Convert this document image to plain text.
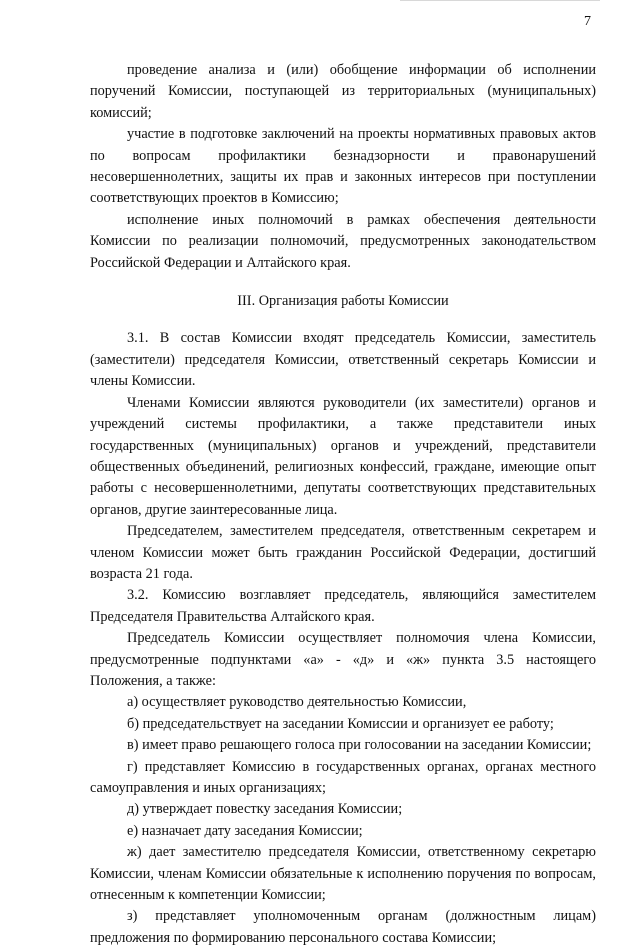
7

проведение анализа и (или) обобщение информации об исполнении поручений Комиссии, поступающей из территориальных (муниципальных) комиссий;

участие в подготовке заключений на проекты нормативных правовых актов по вопросам профилактики безнадзорности и правонарушений несовершеннолетних, защиты их прав и законных интересов при поступлении соответствующих проектов в Комиссию;

исполнение иных полномочий в рамках обеспечения деятельности Комиссии по реализации полномочий, предусмотренных законодательством Российской Федерации и Алтайского края.

III. Организация работы Комиссии

3.1. В состав Комиссии входят председатель Комиссии, заместитель (заместители) председателя Комиссии, ответственный секретарь Комиссии и члены Комиссии.

Членами Комиссии являются руководители (их заместители) органов и учреждений системы профилактики, а также представители иных государственных (муниципальных) органов и учреждений, представители общественных объединений, религиозных конфессий, граждане, имеющие опыт работы с несовершеннолетними, депутаты соответствующих представительных органов, другие заинтересованные лица.

Председателем, заместителем председателя, ответственным секретарем и членом Комиссии может быть гражданин Российской Федерации, достигший возраста 21 года.

3.2. Комиссию возглавляет председатель, являющийся заместителем Председателя Правительства Алтайского края.

Председатель Комиссии осуществляет полномочия члена Комиссии, предусмотренные подпунктами «а» - «д» и «ж» пункта 3.5 настоящего Положения, а также:

а) осуществляет руководство деятельностью Комиссии,

б) председательствует на заседании Комиссии и организует ее работу;

в) имеет право решающего голоса при голосовании на заседании Комиссии;

г) представляет Комиссию в государственных органах, органах местного самоуправления и иных организациях;

д) утверждает повестку заседания Комиссии;

е) назначает дату заседания Комиссии;

ж) дает заместителю председателя Комиссии, ответственному секретарю Комиссии, членам Комиссии обязательные к исполнению поручения по вопросам, отнесенным к компетенции Комиссии;

з) представляет уполномоченным органам (должностным лицам) предложения по формированию персонального состава Комиссии;
